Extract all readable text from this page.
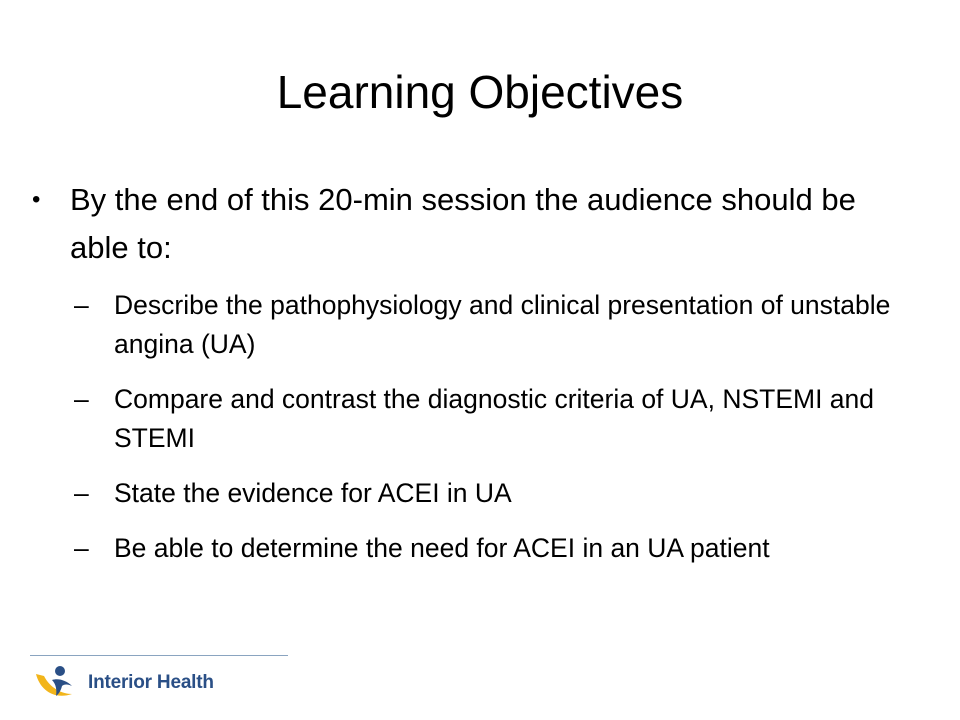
Learning Objectives
• By the end of this 20-min session the audience should be able to:
– Describe the pathophysiology and clinical presentation of unstable angina (UA)
– Compare and contrast the diagnostic criteria of UA, NSTEMI and STEMI
– State the evidence for ACEI in UA
– Be able to determine the need for ACEI in an UA patient
Interior Health
